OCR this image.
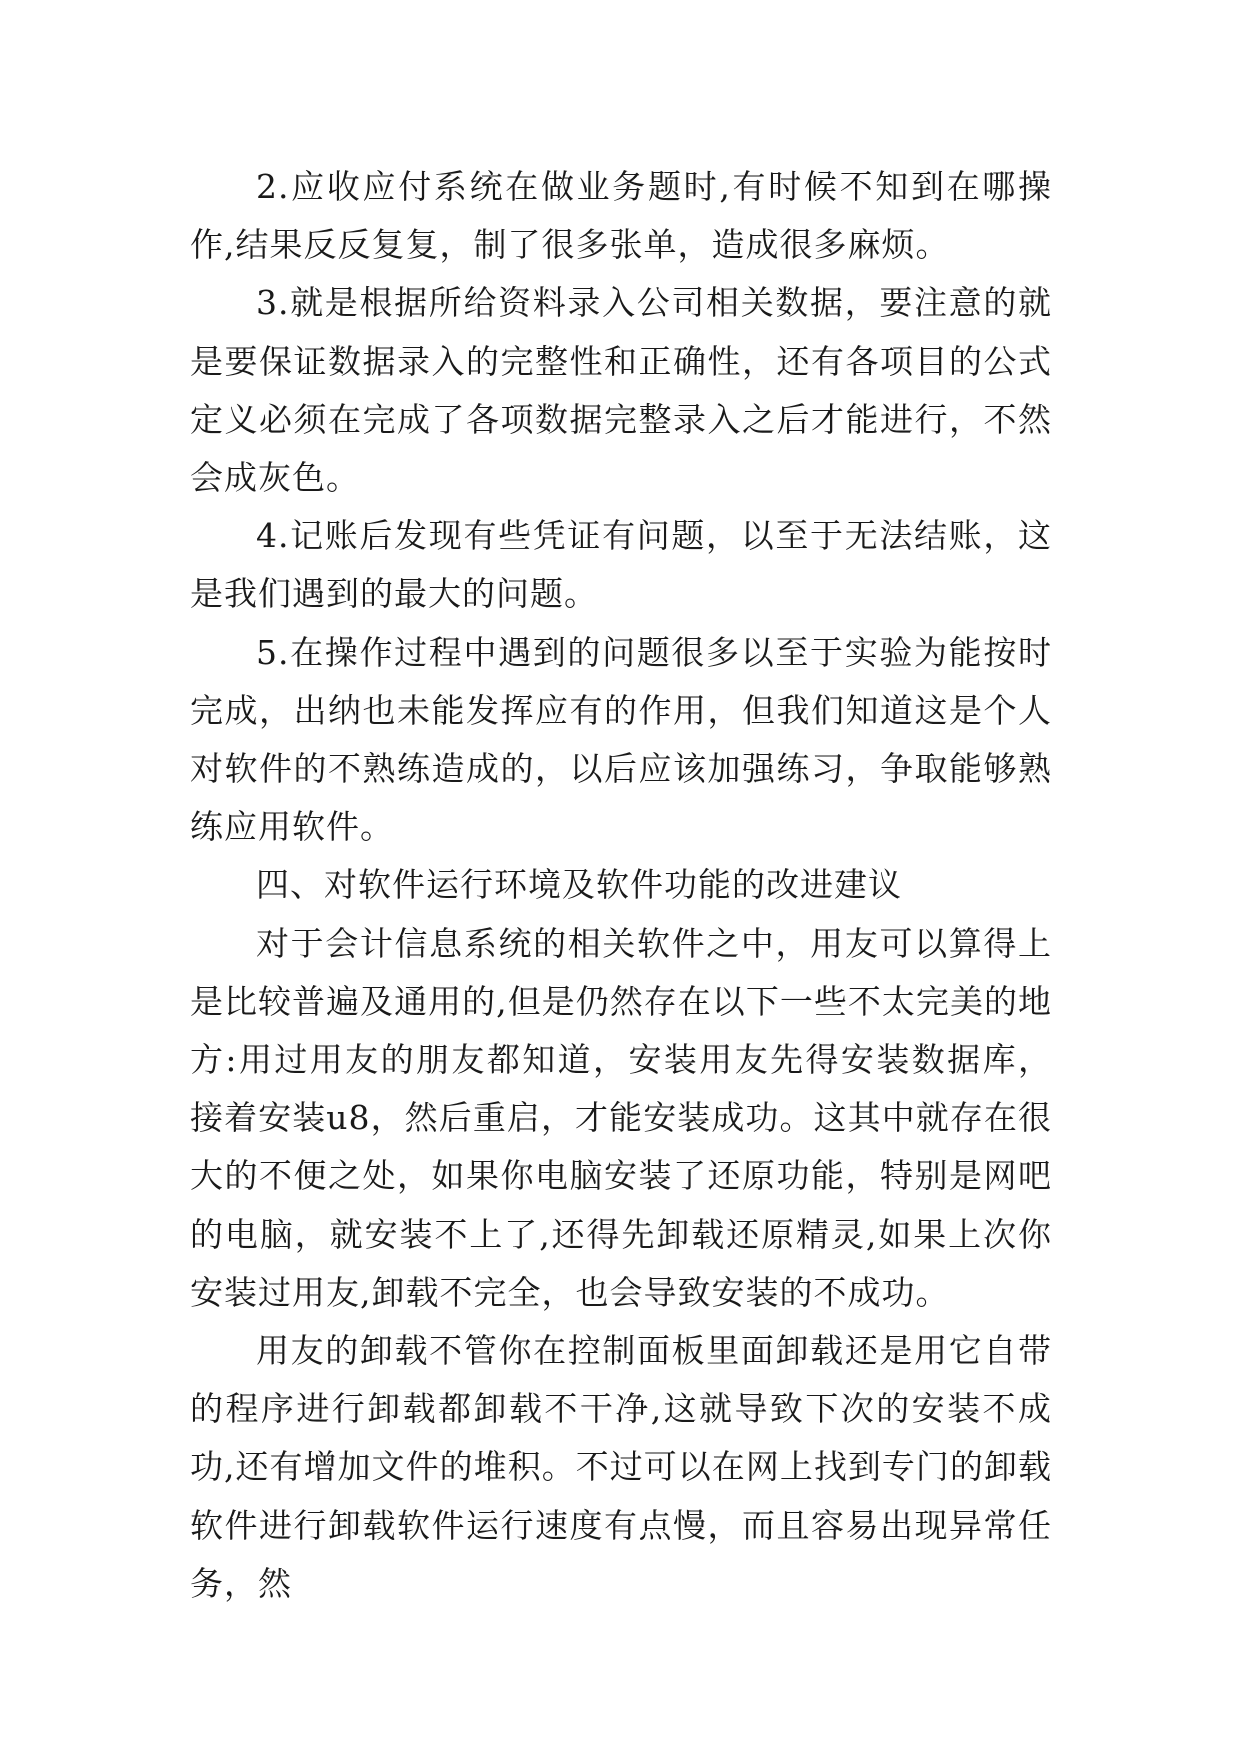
2.应收应付系统在做业务题时,有时候不知到在哪操作,结果反反复复，制了很多张单，造成很多麻烦。

3.就是根据所给资料录入公司相关数据，要注意的就是要保证数据录入的完整性和正确性，还有各项目的公式定义必须在完成了各项数据完整录入之后才能进行，不然会成灰色。

4.记账后发现有些凭证有问题，以至于无法结账，这是我们遇到的最大的问题。

5.在操作过程中遇到的问题很多以至于实验为能按时完成，出纳也未能发挥应有的作用，但我们知道这是个人对软件的不熟练造成的，以后应该加强练习，争取能够熟练应用软件。

四、对软件运行环境及软件功能的改进建议

对于会计信息系统的相关软件之中，用友可以算得上是比较普遍及通用的,但是仍然存在以下一些不太完美的地方:用过用友的朋友都知道，安装用友先得安装数据库，接着安装u8，然后重启，才能安装成功。这其中就存在很大的不便之处，如果你电脑安装了还原功能，特别是网吧的电脑，就安装不上了,还得先卸载还原精灵,如果上次你安装过用友,卸载不完全，也会导致安装的不成功。

用友的卸载不管你在控制面板里面卸载还是用它自带的程序进行卸载都卸载不干净,这就导致下次的安装不成功,还有增加文件的堆积。不过可以在网上找到专门的卸载软件进行卸载软件运行速度有点慢，而且容易出现异常任务，然
